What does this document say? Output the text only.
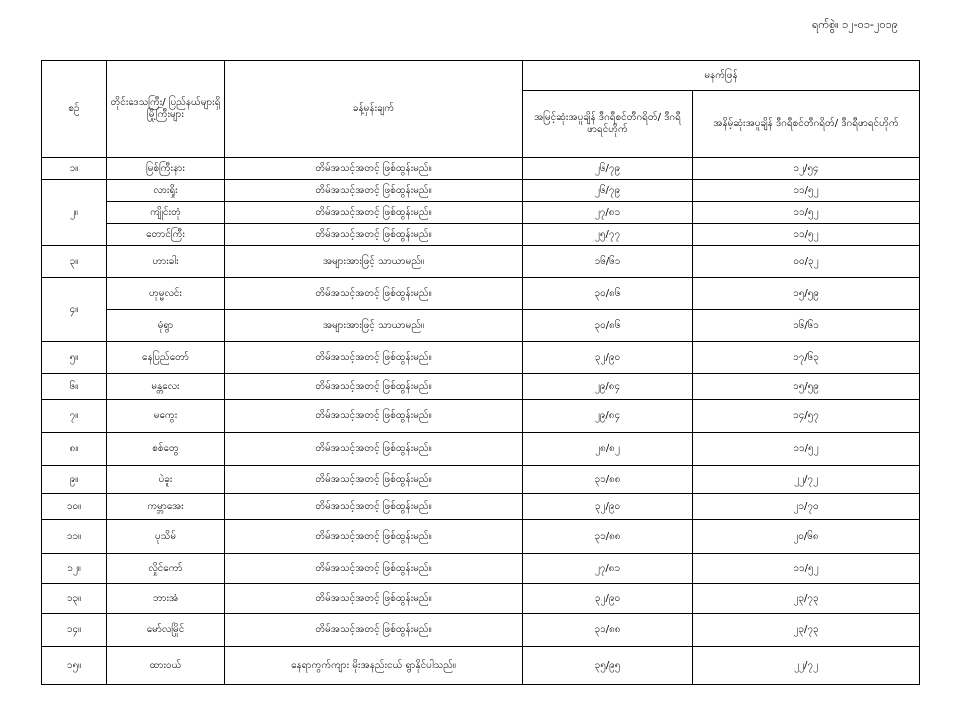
ရက်စွဲ။ ၁၂-၀၁-၂၀၁၉
စဉ်	တိုင်းဒေသကြီး/ ပြည်နယ်များရှိ မြို့ကြီးများ	ခန့်မှန်းချက်	မနက်ဖြန်	
			အမြင့်ဆုံးအပူချိန် ဒီဂရီစင်တီဂရိတ်/ ဒီဂရီဖာရင်ဟိုက်	အနိမ့်ဆုံးအပူချိန် ဒီဂရီစင်တီဂရိတ်/ ဒီဂရီဖာရင်ဟိုက်
၁။	မြစ်ကြီးနား	တိမ်အသင့်အတင့် ဖြစ်ထွန်းမည်။	၂၆/၇၉	၁၂/၅၄
၂။	လားရှိုး	တိမ်အသင့်အတင့် ဖြစ်ထွန်းမည်။	၂၆/၇၉	၁၁/၅၂
	ကျိုင်းတုံ	တိမ်အသင့်အတင့် ဖြစ်ထွန်းမည်။	၂၇/၈၁	၁၁/၅၂
	တောင်ကြီး	တိမ်အသင့်အတင့် ဖြစ်ထွန်းမည်။	၂၅/၇၇	၁၁/၅၂
၃။	ဟားခါး	အများအားဖြင့် သာယာမည်။	၁၆/၆၁	၀၀/၃၂
၄။	ဟုမ္မလင်း	တိမ်အသင့်အတင့် ဖြစ်ထွန်းမည်။	၃၀/၈၆	၁၅/၅၉
	မုံရွာ	အများအားဖြင့် သာယာမည်။	၃၀/၈၆	၁၆/၆၁
၅။	နေပြည်တော်	တိမ်အသင့်အတင့် ဖြစ်ထွန်းမည်။	၃၂/၉၀	၁၇/၆၃
၆။	မန္တလေး	တိမ်အသင့်အတင့် ဖြစ်ထွန်းမည်။	၂၉/၈၄	၁၅/၅၉
၇။	မကွေး	တိမ်အသင့်အတင့် ဖြစ်ထွန်းမည်။	၂၉/၈၄	၁၄/၅၇
၈။	စစ်တွေ	တိမ်အသင့်အတင့် ဖြစ်ထွန်းမည်။	၂၈/၈၂	၁၁/၅၂
၉။	ပဲခူး	တိမ်အသင့်အတင့် ဖြစ်ထွန်းမည်။	၃၁/၈၈	၂၂/၇၂
၁၀။	ကမ္ဘာအေး	တိမ်အသင့်အတင့် ဖြစ်ထွန်းမည်။	၃၂/၉၀	၂၁/၇၀
၁၁။	ပုသိမ်	တိမ်အသင့်အတင့် ဖြစ်ထွန်းမည်။	၃၁/၈၈	၂၀/၆၈
၁၂။	လှိုင်ကော်	တိမ်အသင့်အတင့် ဖြစ်ထွန်းမည်။	၂၇/၈၁	၁၁/၅၂
၁၃။	ဘားအံ	တိမ်အသင့်အတင့် ဖြစ်ထွန်းမည်။	၃၂/၉၀	၂၃/၇၃
၁၄။	မော်လမြိုင်	တိမ်အသင့်အတင့် ဖြစ်ထွန်းမည်။	၃၁/၈၈	၂၃/၇၃
၁၅။	ထားဝယ်	နေရာကွက်ကျား မိုးအနည်းငယ် ရွာနိုင်ပါသည်။	၃၅/၉၅	၂၂/၇၂
